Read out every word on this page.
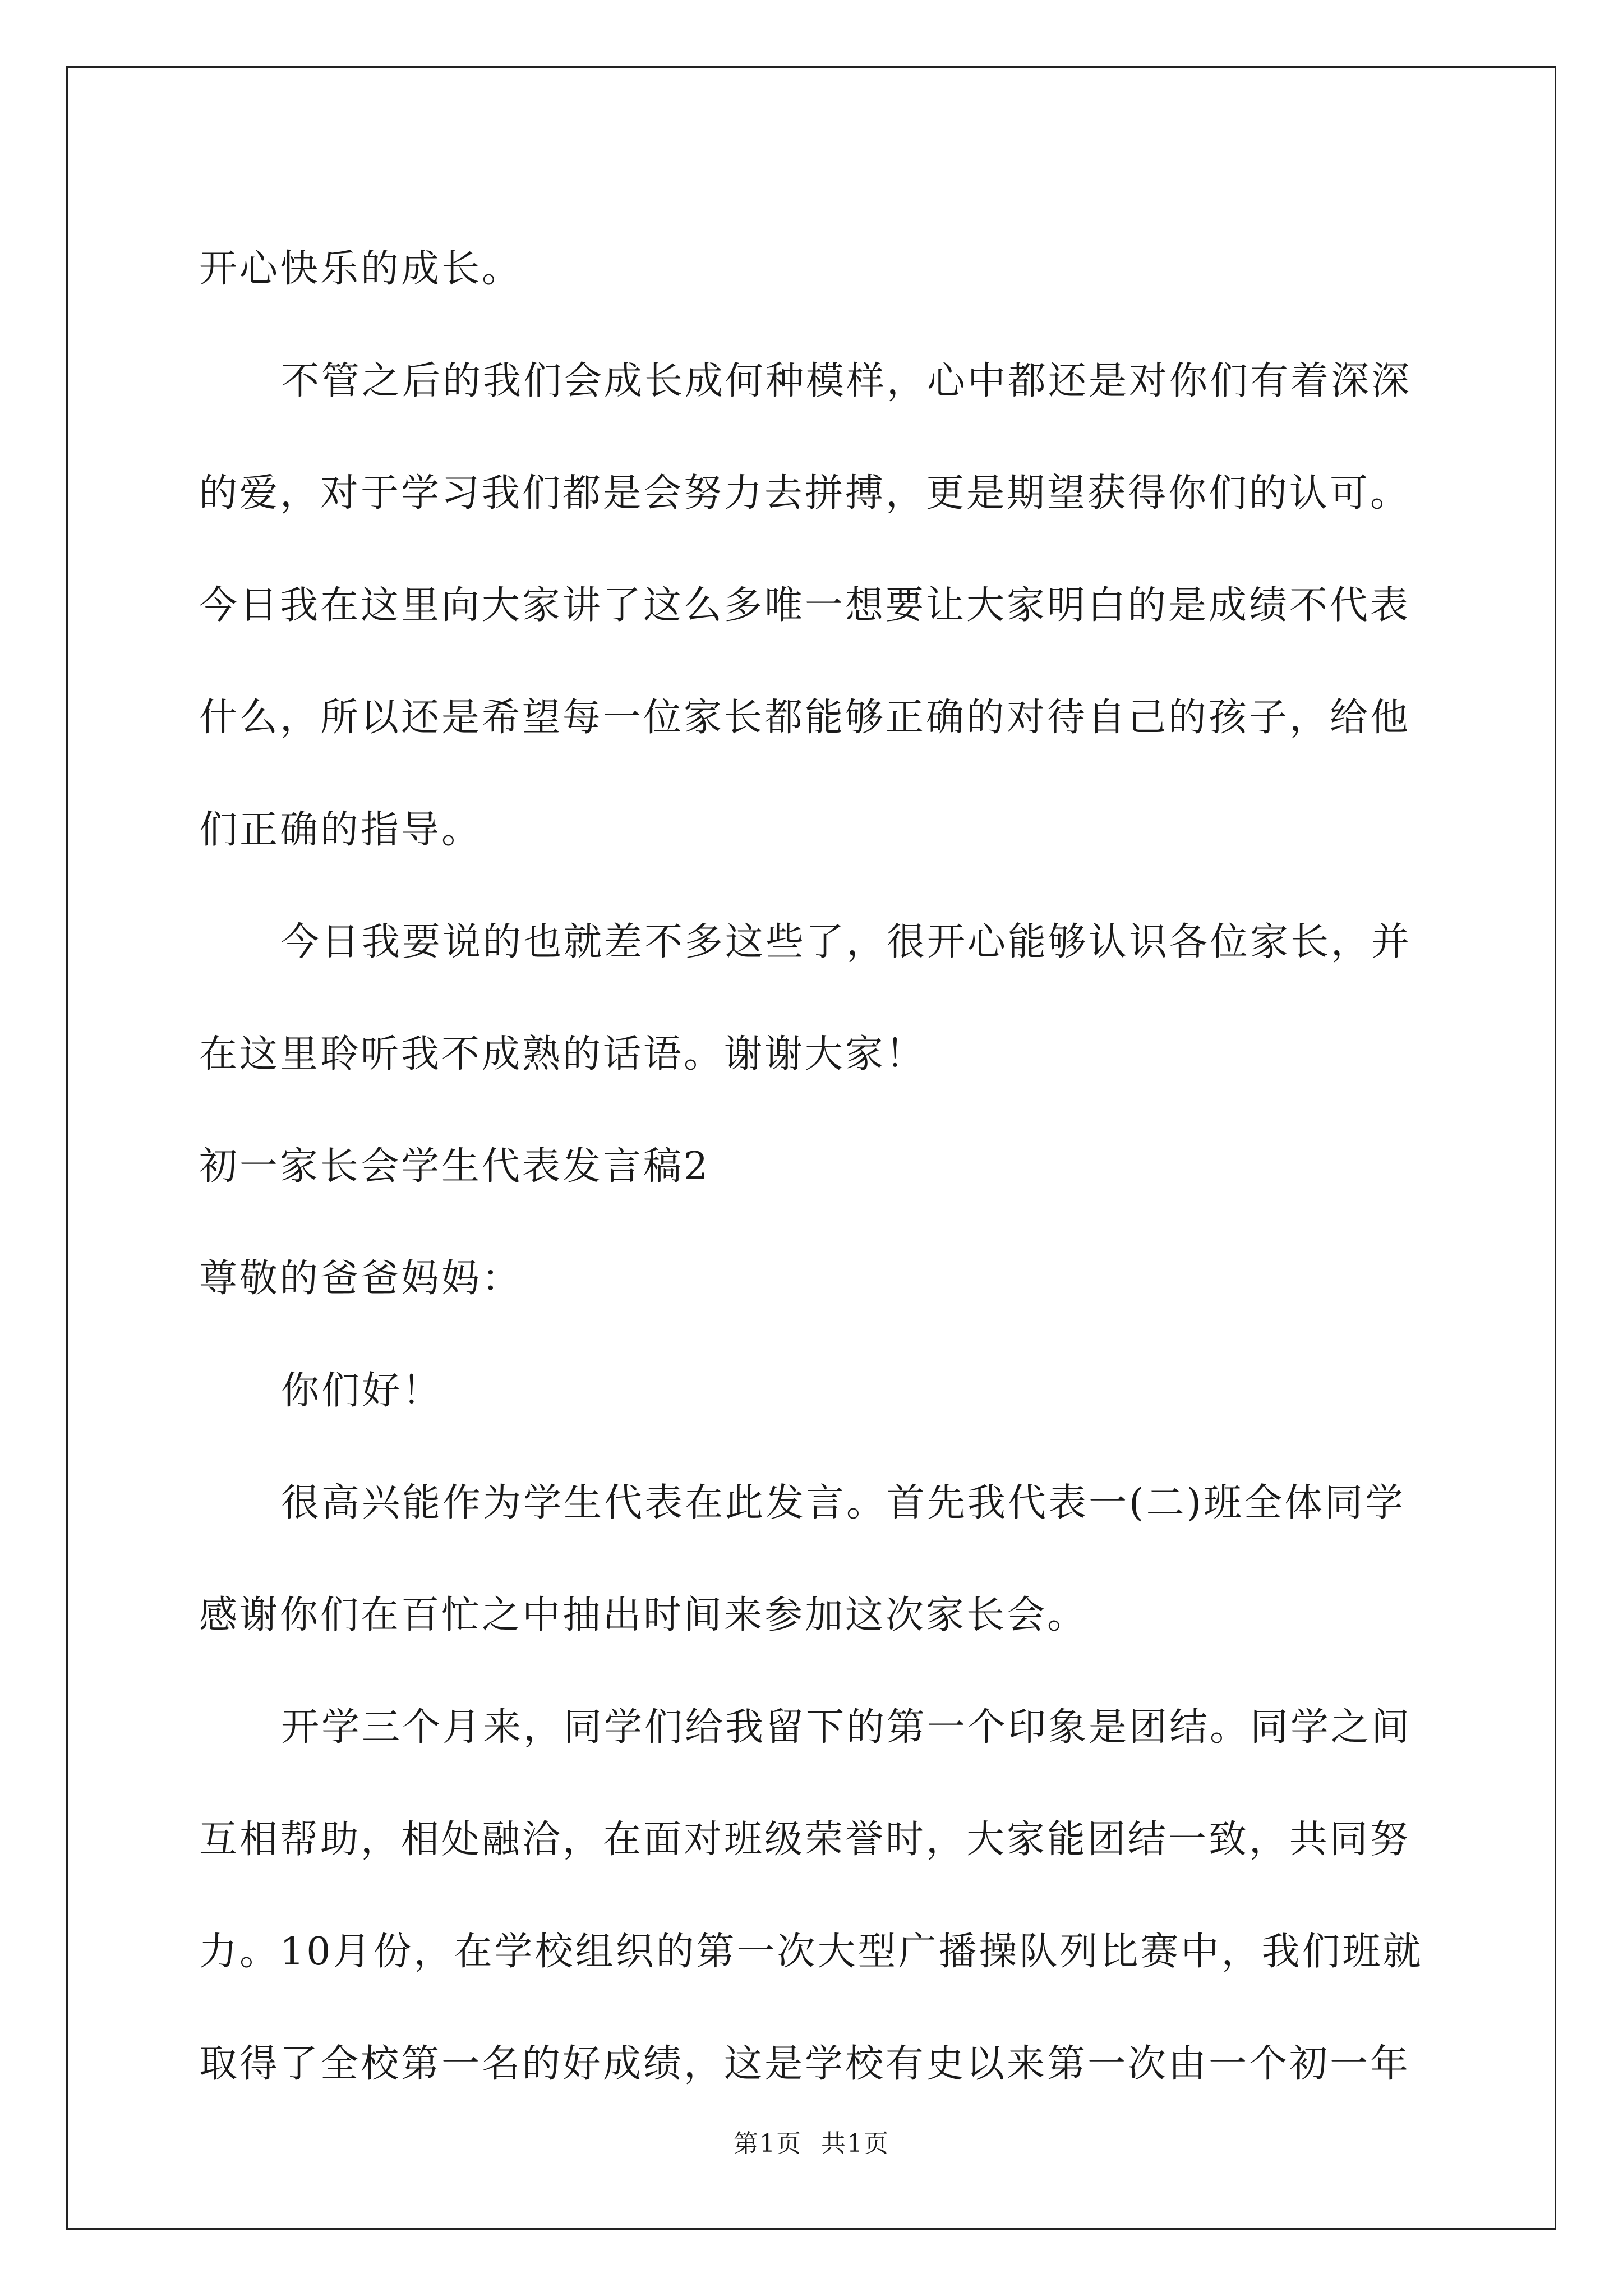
开心快乐的成长。
不管之后的我们会成长成何种模样，心中都还是对你们有着深深
的爱，对于学习我们都是会努力去拼搏，更是期望获得你们的认可。
今日我在这里向大家讲了这么多唯一想要让大家明白的是成绩不代表
什么，所以还是希望每一位家长都能够正确的对待自己的孩子，给他
们正确的指导。
今日我要说的也就差不多这些了，很开心能够认识各位家长，并
在这里聆听我不成熟的话语。谢谢大家！
初一家长会学生代表发言稿2
尊敬的爸爸妈妈：
你们好！
很高兴能作为学生代表在此发言。首先我代表一(二)班全体同学
感谢你们在百忙之中抽出时间来参加这次家长会。
开学三个月来，同学们给我留下的第一个印象是团结。同学之间
互相帮助，相处融洽，在面对班级荣誉时，大家能团结一致，共同努
力。10月份，在学校组织的第一次大型广播操队列比赛中，我们班就
取得了全校第一名的好成绩，这是学校有史以来第一次由一个初一年
第1页 共1页
